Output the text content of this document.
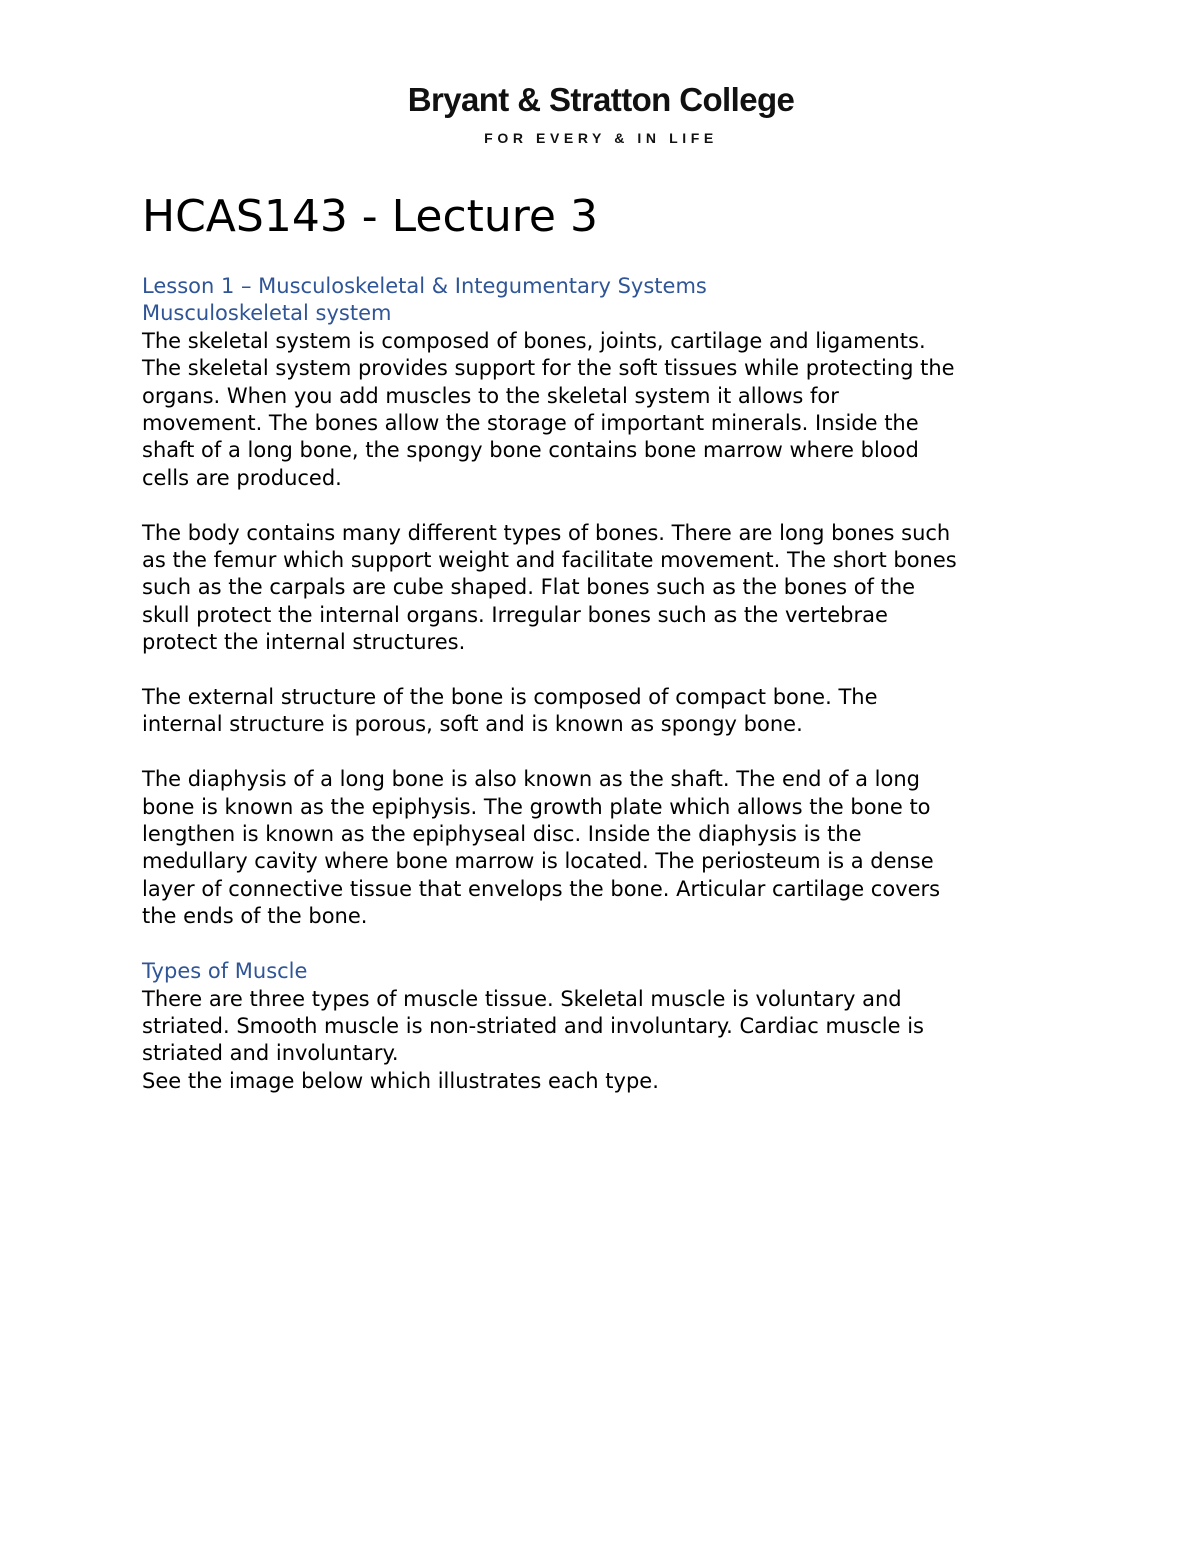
Bryant & Stratton College
FOR EVERY & IN LIFE
HCAS143 - Lecture 3
Lesson 1 – Musculoskeletal & Integumentary Systems
Musculoskeletal system
The skeletal system is composed of bones, joints, cartilage and ligaments.
The skeletal system provides support for the soft tissues while protecting the
organs. When you add muscles to the skeletal system it allows for
movement. The bones allow the storage of important minerals. Inside the
shaft of a long bone, the spongy bone contains bone marrow where blood
cells are produced.
The body contains many different types of bones. There are long bones such
as the femur which support weight and facilitate movement. The short bones
such as the carpals are cube shaped. Flat bones such as the bones of the
skull protect the internal organs. Irregular bones such as the vertebrae
protect the internal structures.
The external structure of the bone is composed of compact bone. The
internal structure is porous, soft and is known as spongy bone.
The diaphysis of a long bone is also known as the shaft. The end of a long
bone is known as the epiphysis. The growth plate which allows the bone to
lengthen is known as the epiphyseal disc. Inside the diaphysis is the
medullary cavity where bone marrow is located. The periosteum is a dense
layer of connective tissue that envelops the bone. Articular cartilage covers
the ends of the bone.
Types of Muscle
There are three types of muscle tissue. Skeletal muscle is voluntary and
striated. Smooth muscle is non-striated and involuntary. Cardiac muscle is
striated and involuntary.
See the image below which illustrates each type.
